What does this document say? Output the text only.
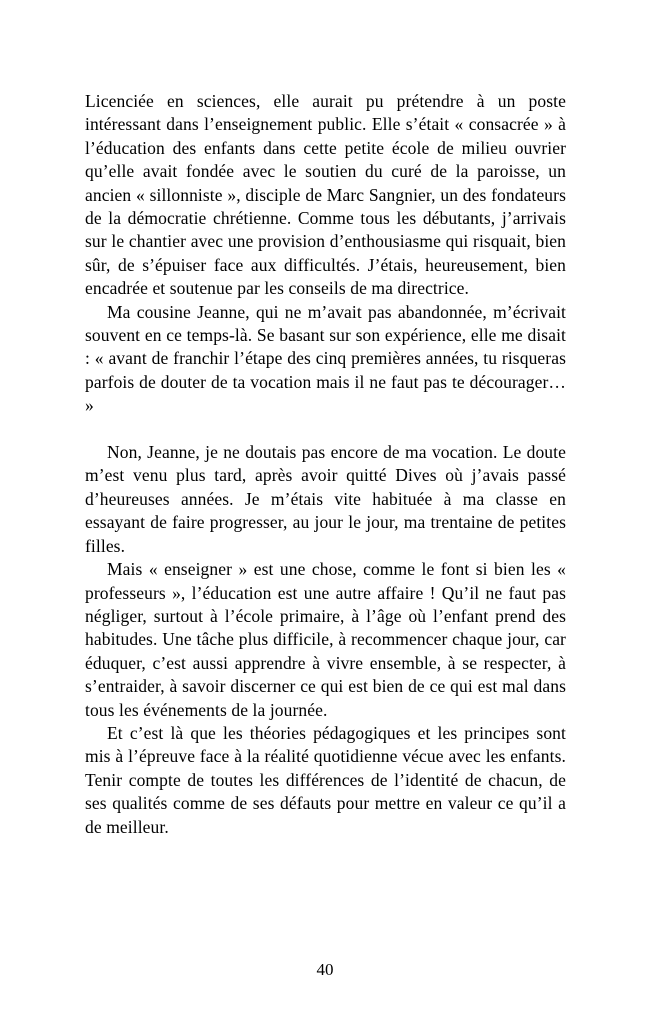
Licenciée en sciences, elle aurait pu prétendre à un poste intéressant dans l’enseignement public. Elle s’était « consacrée » à l’éducation des enfants dans cette petite école de milieu ouvrier qu’elle avait fondée avec le soutien du curé de la paroisse, un ancien « sillonniste », disciple de Marc Sangnier, un des fondateurs de la démocratie chrétienne. Comme tous les débutants, j’arrivais sur le chantier avec une provision d’enthousiasme qui risquait, bien sûr, de s’épuiser face aux difficultés. J’étais, heureusement, bien encadrée et soutenue par les conseils de ma directrice.

Ma cousine Jeanne, qui ne m’avait pas abandonnée, m’écrivait souvent en ce temps-là. Se basant sur son expérience, elle me disait : « avant de franchir l’étape des cinq premières années, tu risqueras parfois de douter de ta vocation mais il ne faut pas te décourager… »

Non, Jeanne, je ne doutais pas encore de ma vocation. Le doute m’est venu plus tard, après avoir quitté Dives où j’avais passé d’heureuses années. Je m’étais vite habituée à ma classe en essayant de faire progresser, au jour le jour, ma trentaine de petites filles.

Mais « enseigner » est une chose, comme le font si bien les « professeurs », l’éducation est une autre affaire ! Qu’il ne faut pas négliger, surtout à l’école primaire, à l’âge où l’enfant prend des habitudes. Une tâche plus difficile, à recommencer chaque jour, car éduquer, c’est aussi apprendre à vivre ensemble, à se respecter, à s’entraider, à savoir discerner ce qui est bien de ce qui est mal dans tous les événements de la journée.

Et c’est là que les théories pédagogiques et les principes sont mis à l’épreuve face à la réalité quotidienne vécue avec les enfants. Tenir compte de toutes les différences de l’identité de chacun, de ses qualités comme de ses défauts pour mettre en valeur ce qu’il a de meilleur.

40
